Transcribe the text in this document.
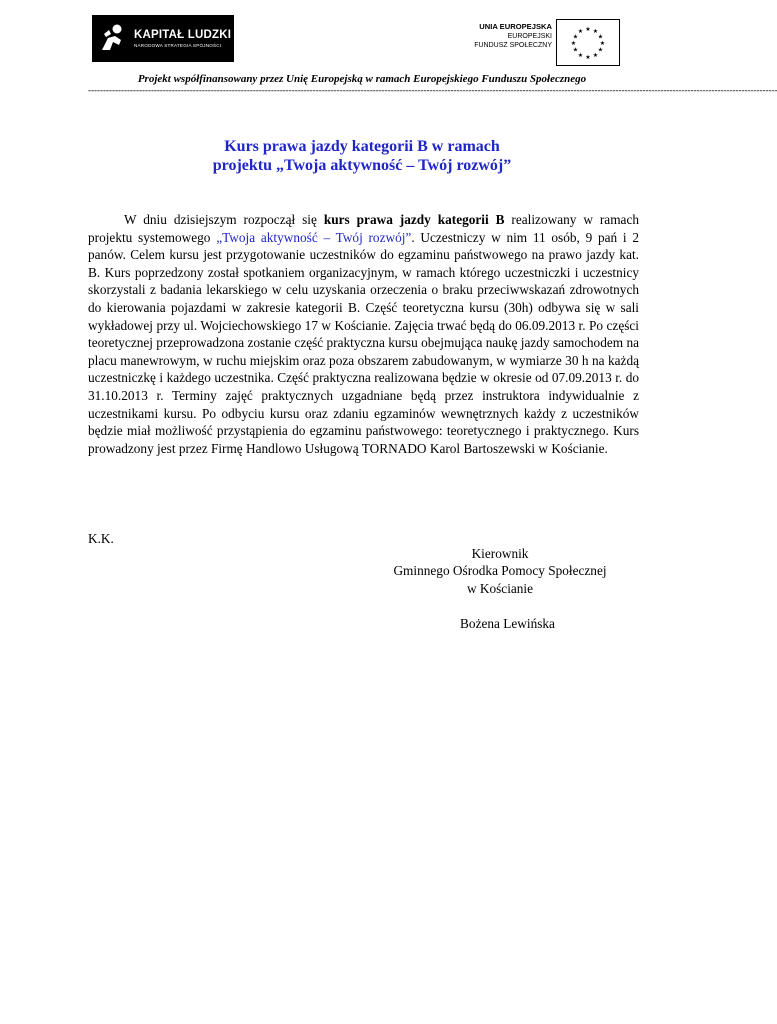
KAPITAŁ LUDZKI
NARODOWA STRATEGIA SPÓJNOŚCI
UNIA EUROPEJSKA
EUROPEJSKI
FUNDUSZ SPOŁECZNY
★ ★
★
★
★
★
★
★
★
★
★
★
Projekt współfinansowany przez Unię Europejską w ramach Europejskiego Funduszu Społecznego
--------------------------------------------------------------------------------------------------------------------------------------------------------------------------------------------------------------------------------------
Kurs prawa jazdy kategorii B w ramach
projektu „Twoja aktywność – Twój rozwój”
W dniu dzisiejszym rozpoczął się kurs prawa jazdy kategorii B realizowany w ramach projektu systemowego „Twoja aktywność – Twój rozwój”. Uczestniczy w nim 11 osób, 9 pań i 2 panów. Celem kursu jest przygotowanie uczestników do egzaminu państwowego na prawo jazdy kat. B. Kurs poprzedzony został spotkaniem organizacyjnym, w ramach którego uczestniczki i uczestnicy skorzystali z badania lekarskiego w celu uzyskania orzeczenia o braku przeciwwskazań zdrowotnych do kierowania pojazdami w zakresie kategorii B. Część teoretyczna kursu (30h) odbywa się w sali wykładowej przy ul. Wojciechowskiego 17 w Kościanie. Zajęcia trwać będą do 06.09.2013 r. Po części teoretycznej przeprowadzona zostanie część praktyczna kursu obejmująca naukę jazdy samochodem na placu manewrowym, w ruchu miejskim oraz poza obszarem zabudowanym, w wymiarze 30 h na każdą uczestniczkę i każdego uczestnika. Część praktyczna realizowana będzie w okresie od 07.09.2013 r. do 31.10.2013 r. Terminy zajęć praktycznych uzgadniane będą przez instruktora indywidualnie z uczestnikami kursu. Po odbyciu kursu oraz zdaniu egzaminów wewnętrznych każdy z uczestników będzie miał możliwość przystąpienia do egzaminu państwowego: teoretycznego i praktycznego. Kurs prowadzony jest przez Firmę Handlowo Usługową TORNADO Karol Bartoszewski w Kościanie.
K.K.
Kierownik
Gminnego Ośrodka Pomocy Społecznej
w Kościanie
Bożena Lewińska
